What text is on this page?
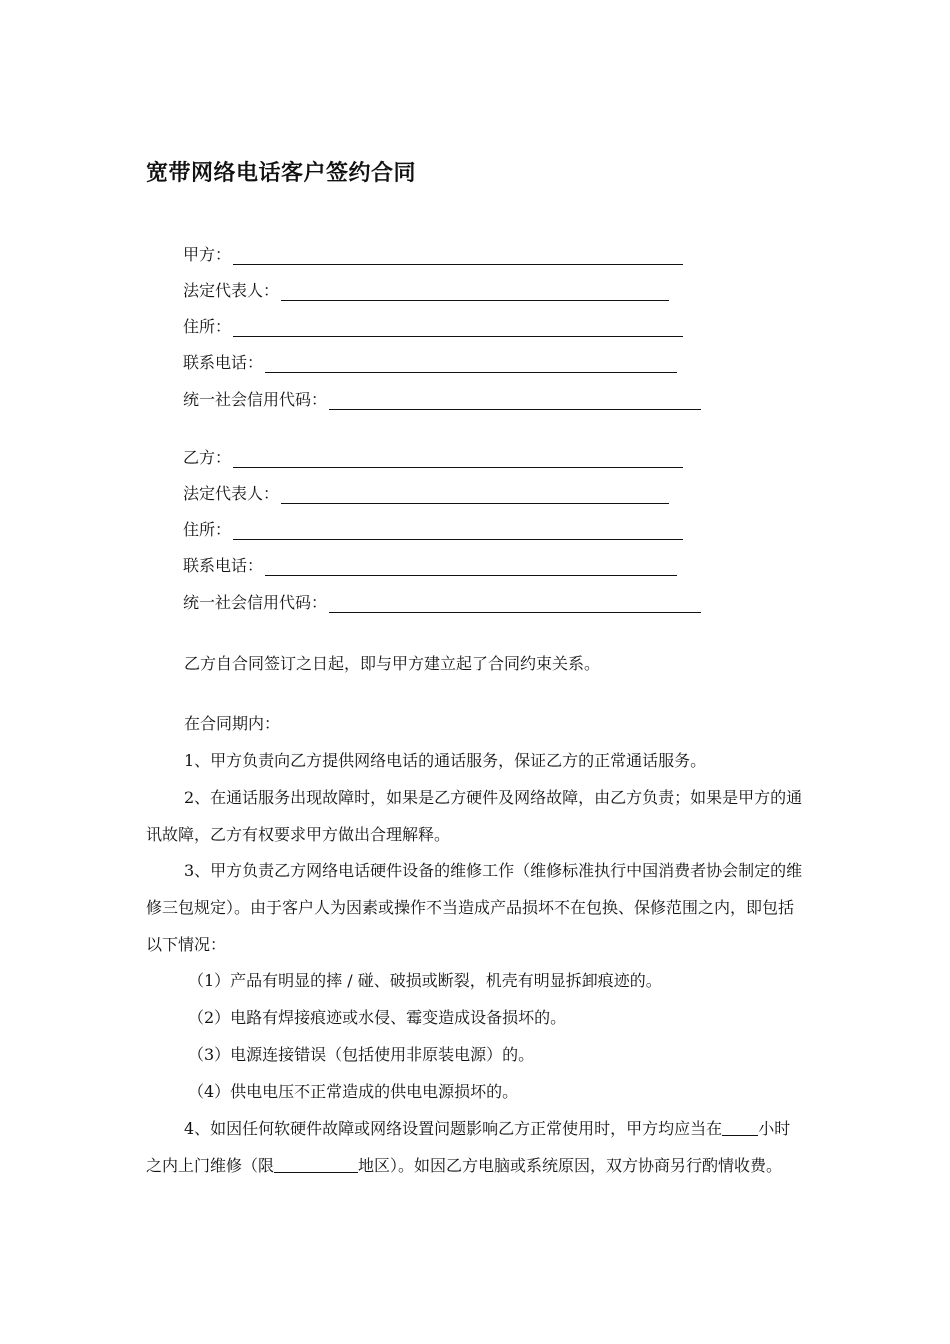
宽带网络电话客户签约合同
甲方：
法定代表人：
住所：
联系电话：
统一社会信用代码：
乙方：
法定代表人：
住所：
联系电话：
统一社会信用代码：
乙方自合同签订之日起，即与甲方建立起了合同约束关系。
在合同期内：
1、甲方负责向乙方提供网络电话的通话服务，保证乙方的正常通话服务。
2、在通话服务出现故障时，如果是乙方硬件及网络故障，由乙方负责；如果是甲方的通讯故障，乙方有权要求甲方做出合理解释。
3、甲方负责乙方网络电话硬件设备的维修工作（维修标准执行中国消费者协会制定的维修三包规定）。由于客户人为因素或操作不当造成产品损坏不在包换、保修范围之内，即包括以下情况：
（1）产品有明显的摔 / 碰、破损或断裂，机壳有明显拆卸痕迹的。
（2）电路有焊接痕迹或水侵、霉变造成设备损坏的。
（3）电源连接错误（包括使用非原装电源）的。
（4）供电电压不正常造成的供电电源损坏的。
4、如因任何软硬件故障或网络设置问题影响乙方正常使用时，甲方均应当在 小时之内上门维修（限	地区）。如因乙方电脑或系统原因，双方协商另行酌情收费。
